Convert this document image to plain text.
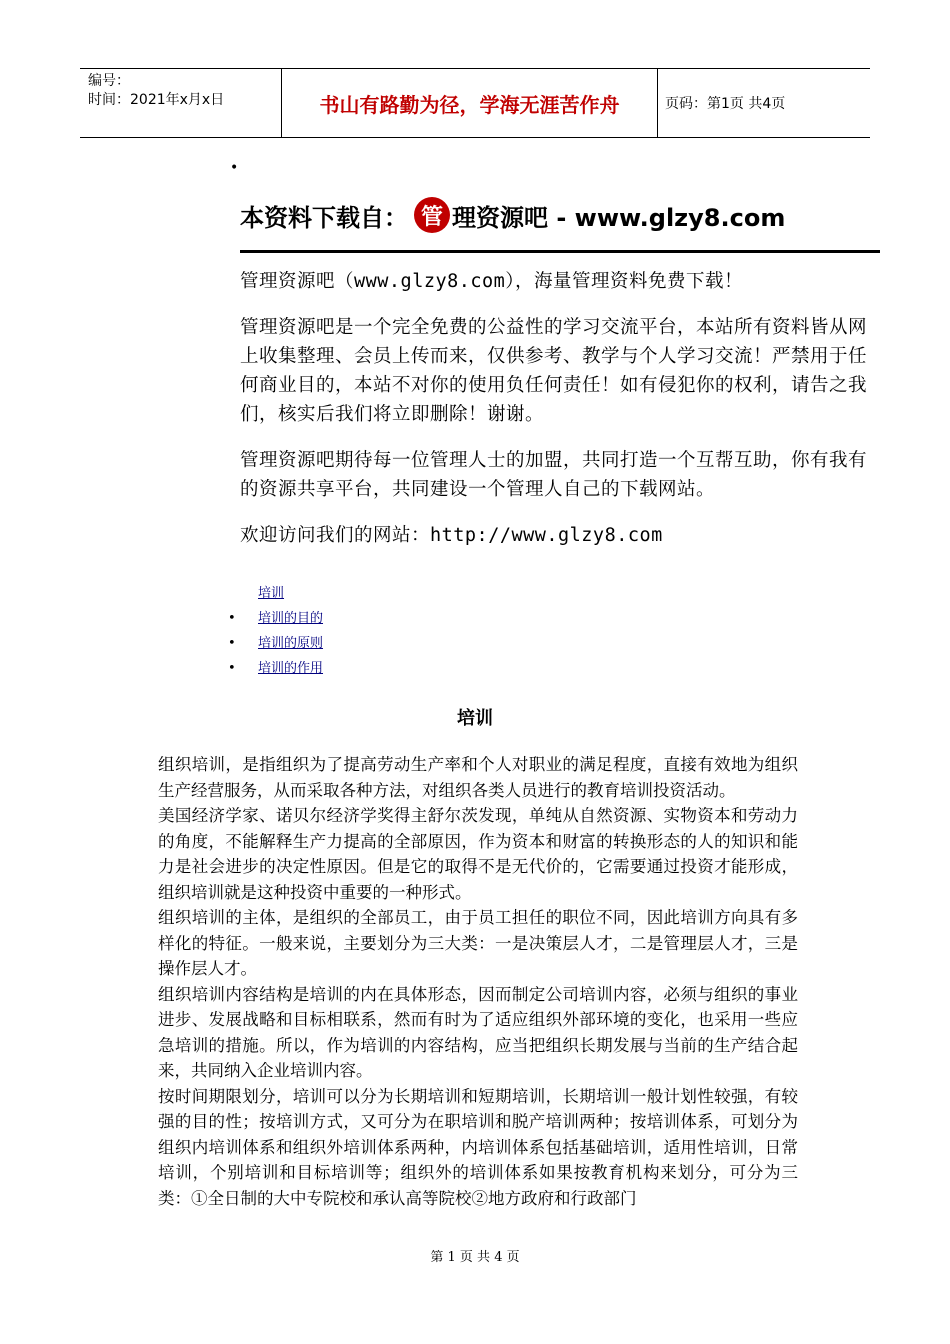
编号：
时间：2021年x月x日	书山有路勤为径，学海无涯苦作舟	页码：第1页 共4页
•
本资料下载自： 管 理资源吧 - www.glzy8.com

管理资源吧（www.glzy8.com），海量管理资料免费下载！

管理资源吧是一个完全免费的公益性的学习交流平台，本站所有资料皆从网上收集整理、会员上传而来，仅供参考、教学与个人学习交流！严禁用于任何商业目的，本站不对你的使用负任何责任！如有侵犯你的权利，请告之我们，核实后我们将立即删除！谢谢。

管理资源吧期待每一位管理人士的加盟，共同打造一个互帮互助，你有我有的资源共享平台，共同建设一个管理人自己的下载网站。

欢迎访问我们的网站：http://www.glzy8.com

培训
• 培训的目的
• 培训的原则
• 培训的作用
培训

组织培训，是指组织为了提高劳动生产率和个人对职业的满足程度，直接有效地为组织生产经营服务，从而采取各种方法，对组织各类人员进行的教育培训投资活动。

美国经济学家、诺贝尔经济学奖得主舒尔茨发现，单纯从自然资源、实物资本和劳动力的角度，不能解释生产力提高的全部原因，作为资本和财富的转换形态的人的知识和能力是社会进步的决定性原因。但是它的取得不是无代价的，它需要通过投资才能形成，组织培训就是这种投资中重要的一种形式。

组织培训的主体，是组织的全部员工，由于员工担任的职位不同，因此培训方向具有多样化的特征。一般来说，主要划分为三大类：一是决策层人才，二是管理层人才，三是操作层人才。

组织培训内容结构是培训的内在具体形态，因而制定公司培训内容，必须与组织的事业进步、发展战略和目标相联系，然而有时为了适应组织外部环境的变化，也采用一些应急培训的措施。所以，作为培训的内容结构，应当把组织长期发展与当前的生产结合起来，共同纳入企业培训内容。

按时间期限划分，培训可以分为长期培训和短期培训，长期培训一般计划性较强，有较强的目的性；按培训方式，又可分为在职培训和脱产培训两种；按培训体系，可划分为组织内培训体系和组织外培训体系两种，内培训体系包括基础培训，适用性培训，日常培训，个别培训和目标培训等；组织外的培训体系如果按教育机构来划分，可分为三类：①全日制的大中专院校和承认高等院校②地方政府和行政部门

第 1 页 共 4 页
